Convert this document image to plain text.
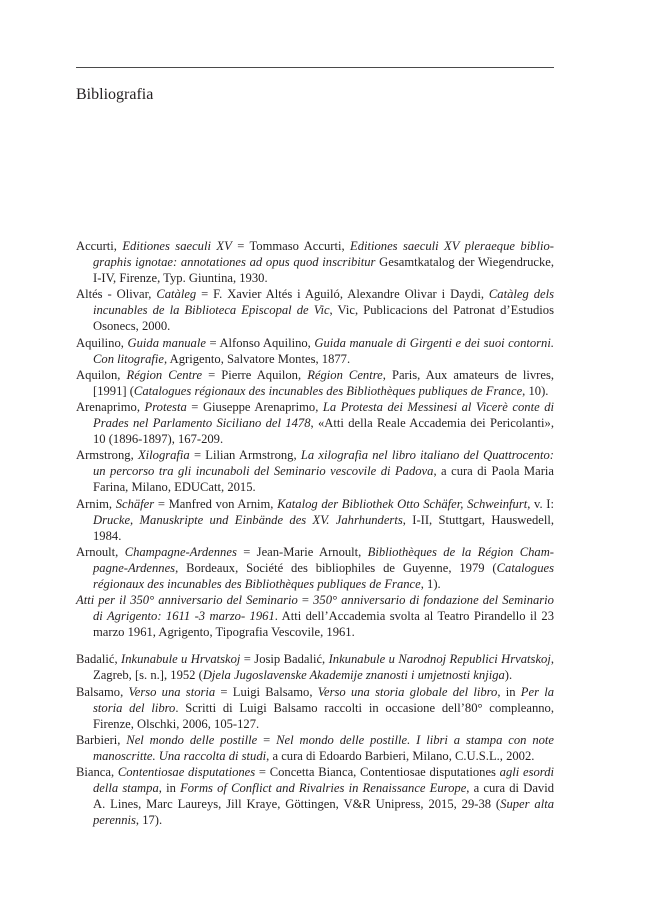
Bibliografia

Accurti, Editiones saeculi XV = Tommaso Accurti, Editiones saeculi XV pleraeque bibliographis ignotae: annotationes ad opus quod inscribitur Gesamtkatalog der Wiegendrucke, I-IV, Firenze, Typ. Giuntina, 1930.

Altés - Olivar, Catàleg = F. Xavier Altés i Aguiló, Alexandre Olivar i Daydi, Catàleg dels incunables de la Biblioteca Episcopal de Vic, Vic, Publicacions del Patronat d’Estudios Osonecs, 2000.

Aquilino, Guida manuale = Alfonso Aquilino, Guida manuale di Girgenti e dei suoi contorni. Con litografie, Agrigento, Salvatore Montes, 1877.

Aquilon, Région Centre = Pierre Aquilon, Région Centre, Paris, Aux amateurs de livres, [1991] (Catalogues régionaux des incunables des Bibliothèques publiques de France, 10).

Arenaprimo, Protesta = Giuseppe Arenaprimo, La Protesta dei Messinesi al Vicerè conte di Prades nel Parlamento Siciliano del 1478, «Atti della Reale Accademia dei Pericolanti», 10 (1896-1897), 167-209.

Armstrong, Xilografia = Lilian Armstrong, La xilografia nel libro italiano del Quattrocento: un percorso tra gli incunaboli del Seminario vescovile di Padova, a cura di Paola Maria Farina, Milano, EDUCatt, 2015.

Arnim, Schäfer = Manfred von Arnim, Katalog der Bibliothek Otto Schäfer, Schweinfurt, v. I: Drucke, Manuskripte und Einbände des XV. Jahrhunderts, I-II, Stuttgart, Hauswedell, 1984.

Arnoult, Champagne-Ardennes = Jean-Marie Arnoult, Bibliothèques de la Région Champagne-Ardennes, Bordeaux, Société des bibliophiles de Guyenne, 1979 (Catalogues régionaux des incunables des Bibliothèques publiques de France, 1).

Atti per il 350° anniversario del Seminario = 350° anniversario di fondazione del Seminario di Agrigento: 1611 -3 marzo- 1961. Atti dell’Accademia svolta al Teatro Pirandello il 23 marzo 1961, Agrigento, Tipografia Vescovile, 1961.

Badalić, Inkunabule u Hrvatskoj = Josip Badalić, Inkunabule u Narodnoj Republici Hrvatskoj, Zagreb, [s. n.], 1952 (Djela Jugoslavenske Akademije znanosti i umjetnosti knjiga).

Balsamo, Verso una storia = Luigi Balsamo, Verso una storia globale del libro, in Per la storia del libro. Scritti di Luigi Balsamo raccolti in occasione dell’80° compleanno, Firenze, Olschki, 2006, 105-127.

Barbieri, Nel mondo delle postille = Nel mondo delle postille. I libri a stampa con note manoscritte. Una raccolta di studi, a cura di Edoardo Barbieri, Milano, C.U.S.L., 2002.

Bianca, Contentiosae disputationes = Concetta Bianca, Contentiosae disputationes agli esordi della stampa, in Forms of Conflict and Rivalries in Renaissance Europe, a cura di David A. Lines, Marc Laureys, Jill Kraye, Göttingen, V&R Unipress, 2015, 29-38 (Super alta perennis, 17).
